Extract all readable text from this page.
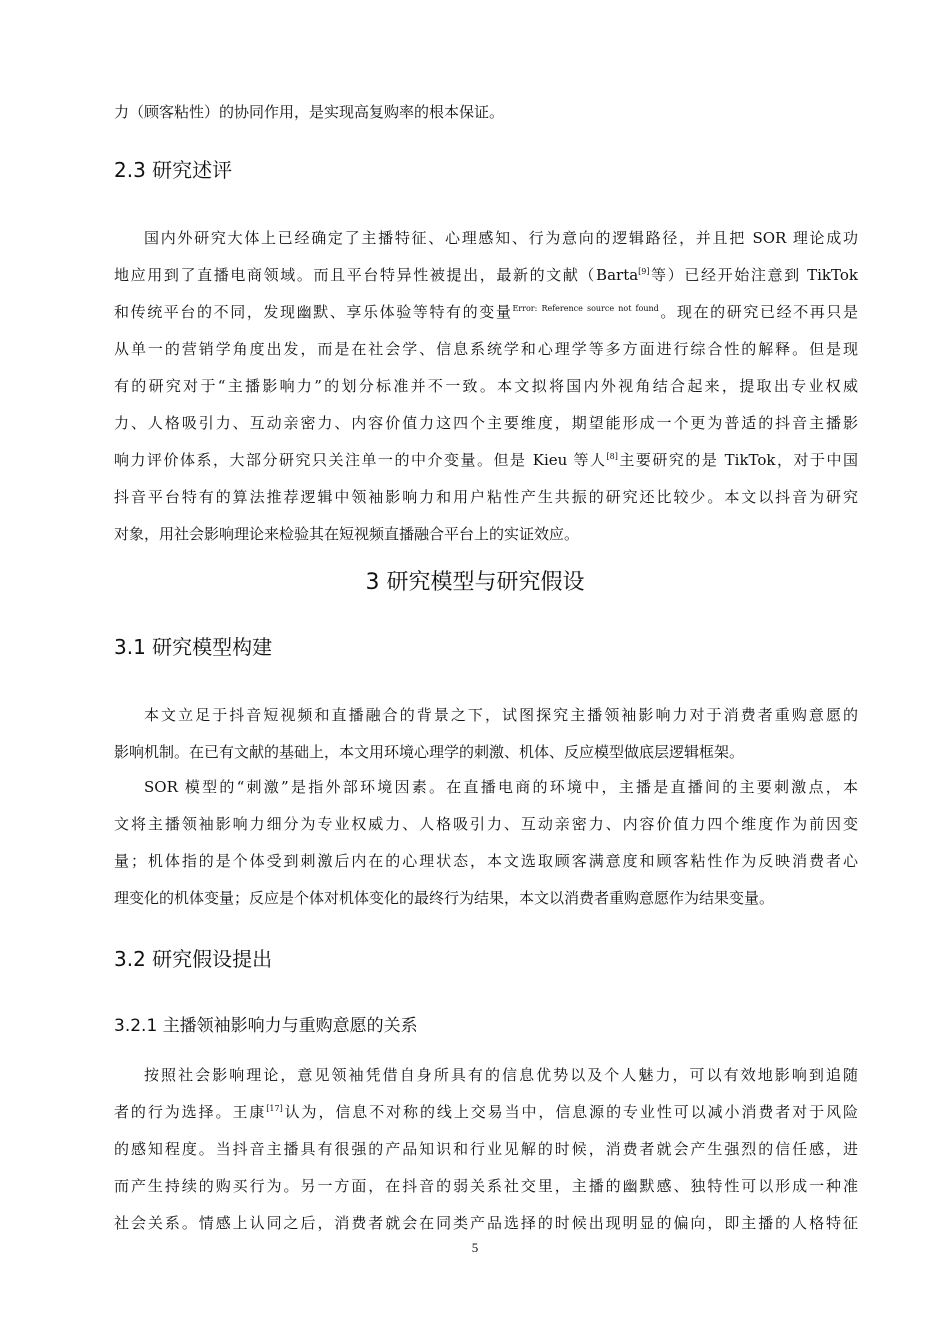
力（顾客粘性）的协同作用，是实现高复购率的根本保证。
2.3 研究述评
国内外研究大体上已经确定了主播特征、心理感知、行为意向的逻辑路径，并且把 SOR 理论成功
地应用到了直播电商领域。而且平台特异性被提出，最新的文献（Barta[9]等）已经开始注意到 TikTok
和传统平台的不同，发现幽默、享乐体验等特有的变量$^{Error: Reference source not found}$。现在的研究已经不再只是
从单一的营销学角度出发，而是在社会学、信息系统学和心理学等多方面进行综合性的解释。但是现
有的研究对于“主播影响力”的划分标准并不一致。本文拟将国内外视角结合起来，提取出专业权威
力、人格吸引力、互动亲密力、内容价值力这四个主要维度，期望能形成一个更为普适的抖音主播影
响力评价体系，大部分研究只关注单一的中介变量。但是 Kieu 等人[8]主要研究的是 TikTok，对于中国
抖音平台特有的算法推荐逻辑中领袖影响力和用户粘性产生共振的研究还比较少。本文以抖音为研究
对象，用社会影响理论来检验其在短视频直播融合平台上的实证效应。
3 研究模型与研究假设
3.1 研究模型构建
本文立足于抖音短视频和直播融合的背景之下，试图探究主播领袖影响力对于消费者重购意愿的
影响机制。在已有文献的基础上，本文用环境心理学的刺激、机体、反应模型做底层逻辑框架。
SOR 模型的“刺激”是指外部环境因素。在直播电商的环境中，主播是直播间的主要刺激点，本
文将主播领袖影响力细分为专业权威力、人格吸引力、互动亲密力、内容价值力四个维度作为前因变
量；机体指的是个体受到刺激后内在的心理状态，本文选取顾客满意度和顾客粘性作为反映消费者心
理变化的机体变量；反应是个体对机体变化的最终行为结果，本文以消费者重购意愿作为结果变量。
3.2 研究假设提出
3.2.1 主播领袖影响力与重购意愿的关系
按照社会影响理论，意见领袖凭借自身所具有的信息优势以及个人魅力，可以有效地影响到追随
者的行为选择。王康[17]认为，信息不对称的线上交易当中，信息源的专业性可以减小消费者对于风险
的感知程度。当抖音主播具有很强的产品知识和行业见解的时候，消费者就会产生强烈的信任感，进
而产生持续的购买行为。另一方面，在抖音的弱关系社交里，主播的幽默感、独特性可以形成一种准
社会关系。情感上认同之后，消费者就会在同类产品选择的时候出现明显的偏向，即主播的人格特征
5
